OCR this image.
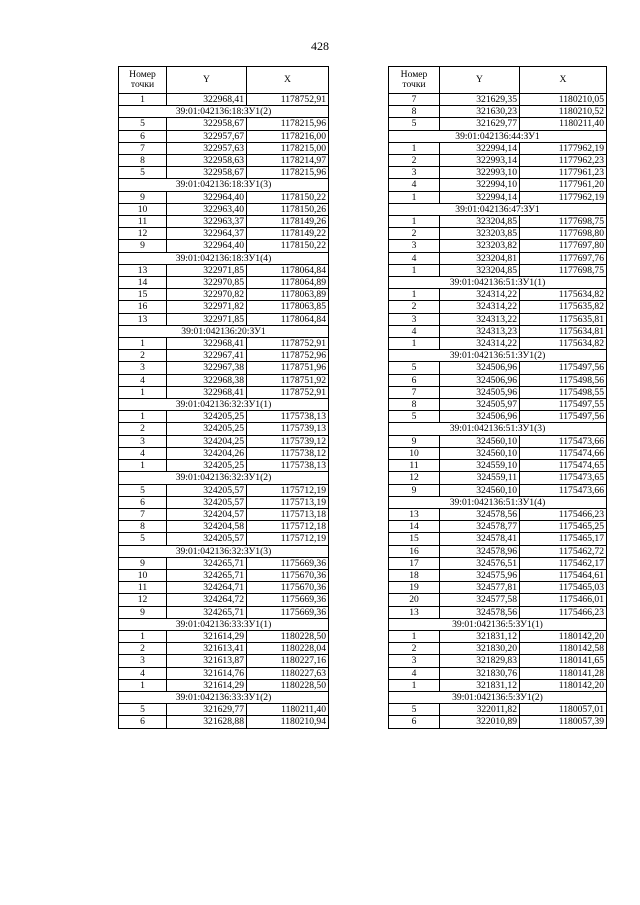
428
Номер
точки	Y	X
1	322968,41	1178752,91
39:01:042136:18:ЗУ1(2)		
5	322958,67	1178215,96
6	322957,67	1178216,00
7	322957,63	1178215,00
8	322958,63	1178214,97
5	322958,67	1178215,96
39:01:042136:18:ЗУ1(3)		
9	322964,40	1178150,22
10	322963,40	1178150,26
11	322963,37	1178149,26
12	322964,37	1178149,22
9	322964,40	1178150,22
39:01:042136:18:ЗУ1(4)		
13	322971,85	1178064,84
14	322970,85	1178064,89
15	322970,82	1178063,89
16	322971,82	1178063,85
13	322971,85	1178064,84
39:01:042136:20:ЗУ1		
1	322968,41	1178752,91
2	322967,41	1178752,96
3	322967,38	1178751,96
4	322968,38	1178751,92
1	322968,41	1178752,91
39:01:042136:32:ЗУ1(1)		
1	324205,25	1175738,13
2	324205,25	1175739,13
3	324204,25	1175739,12
4	324204,26	1175738,12
1	324205,25	1175738,13
39:01:042136:32:ЗУ1(2)		
5	324205,57	1175712,19
6	324205,57	1175713,19
7	324204,57	1175713,18
8	324204,58	1175712,18
5	324205,57	1175712,19
39:01:042136:32:ЗУ1(3)		
9	324265,71	1175669,36
10	324265,71	1175670,36
11	324264,71	1175670,36
12	324264,72	1175669,36
9	324265,71	1175669,36
39:01:042136:33:ЗУ1(1)		
1	321614,29	1180228,50
2	321613,41	1180228,04
3	321613,87	1180227,16
4	321614,76	1180227,63
1	321614,29	1180228,50
39:01:042136:33:ЗУ1(2)		
5	321629,77	1180211,40
6	321628,88	1180210,94
Номер
точки	Y	X
7	321629,35	1180210,05
8	321630,23	1180210,52
5	321629,77	1180211,40
39:01:042136:44:ЗУ1		
1	322994,14	1177962,19
2	322993,14	1177962,23
3	322993,10	1177961,23
4	322994,10	1177961,20
1	322994,14	1177962,19
39:01:042136:47:ЗУ1		
1	323204,85	1177698,75
2	323203,85	1177698,80
3	323203,82	1177697,80
4	323204,81	1177697,76
1	323204,85	1177698,75
39:01:042136:51:ЗУ1(1)		
1	324314,22	1175634,82
2	324314,22	1175635,82
3	324313,22	1175635,81
4	324313,23	1175634,81
1	324314,22	1175634,82
39:01:042136:51:ЗУ1(2)		
5	324506,96	1175497,56
6	324506,96	1175498,56
7	324505,96	1175498,55
8	324505,97	1175497,55
5	324506,96	1175497,56
39:01:042136:51:ЗУ1(3)		
9	324560,10	1175473,66
10	324560,10	1175474,66
11	324559,10	1175474,65
12	324559,11	1175473,65
9	324560,10	1175473,66
39:01:042136:51:ЗУ1(4)		
13	324578,56	1175466,23
14	324578,77	1175465,25
15	324578,41	1175465,17
16	324578,96	1175462,72
17	324576,51	1175462,17
18	324575,96	1175464,61
19	324577,81	1175465,03
20	324577,58	1175466,01
13	324578,56	1175466,23
39:01:042136:5:ЗУ1(1)		
1	321831,12	1180142,20
2	321830,20	1180142,58
3	321829,83	1180141,65
4	321830,76	1180141,28
1	321831,12	1180142,20
39:01:042136:5:ЗУ1(2)		
5	322011,82	1180057,01
6	322010,89	1180057,39
